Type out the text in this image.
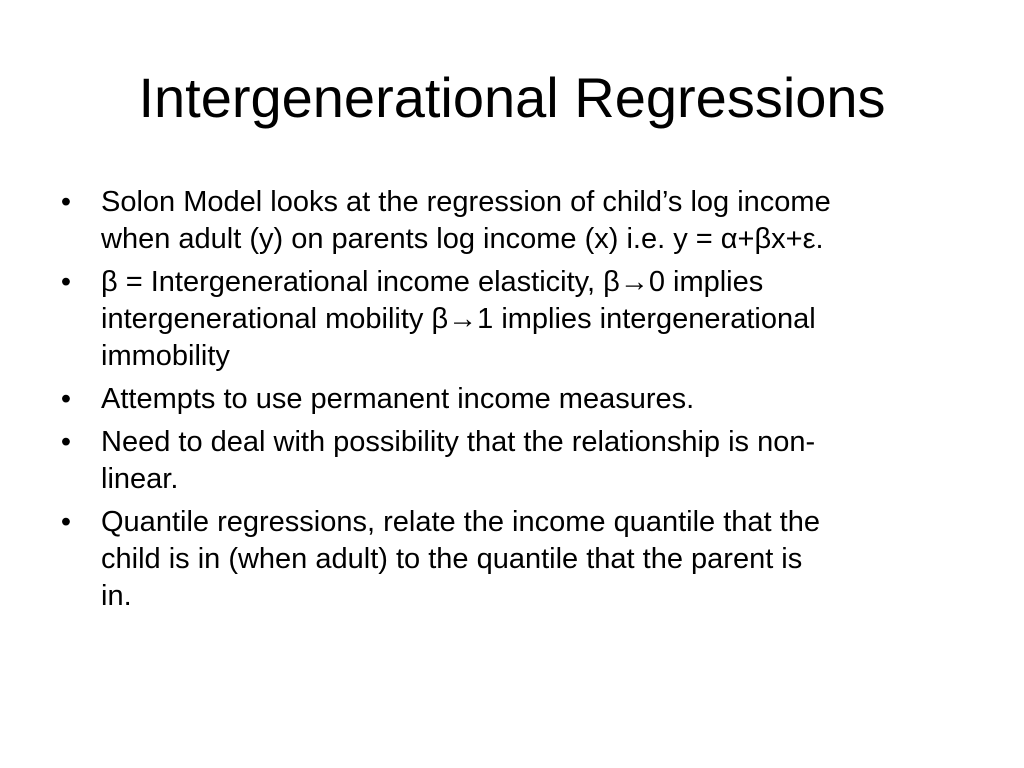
Intergenerational Regressions
• Solon Model looks at the regression of child’s log income
when adult (y) on parents log income (x) i.e. y = α+βx+ε.
• β = Intergenerational income elasticity, β→0 implies
intergenerational mobility β→1 implies intergenerational
immobility
• Attempts to use permanent income measures.
• Need to deal with possibility that the relationship is non-
linear.
• Quantile regressions, relate the income quantile that the
child is in (when adult) to the quantile that the parent is
in.
